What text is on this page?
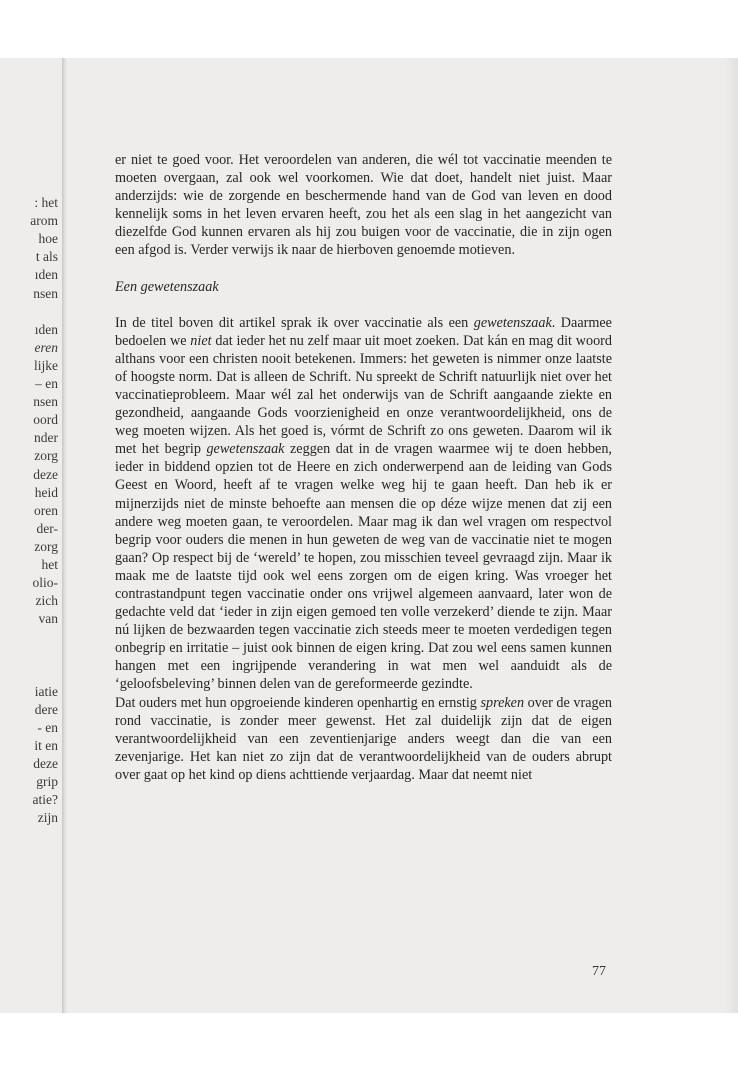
: het
arom
hoe
t als
ıden
nsen
ıden
eren
lijke
– en
nsen
oord
nder
zorg
deze
heid
oren
der-
zorg
het
olio-
zich
van
iatie
dere
- en
it en
deze
grip
atie?
zijn

er niet te goed voor. Het veroordelen van anderen, die wél tot vaccinatie meenden te moeten overgaan, zal ook wel voorkomen. Wie dat doet, handelt niet juist. Maar anderzijds: wie de zorgende en beschermende hand van de God van leven en dood kennelijk soms in het leven ervaren heeft, zou het als een slag in het aangezicht van diezelfde God kunnen ervaren als hij zou buigen voor de vaccinatie, die in zijn ogen een afgod is. Verder verwijs ik naar de hierboven genoemde motieven.

Een gewetenszaak

In de titel boven dit artikel sprak ik over vaccinatie als een gewetenszaak. Daarmee bedoelen we niet dat ieder het nu zelf maar uit moet zoeken. Dat kán en mag dit woord althans voor een christen nooit betekenen. Immers: het geweten is nimmer onze laatste of hoogste norm. Dat is alleen de Schrift. Nu spreekt de Schrift natuurlijk niet over het vaccinatieprobleem. Maar wél zal het onderwijs van de Schrift aangaande ziekte en gezondheid, aangaande Gods voorzienigheid en onze verantwoordelijkheid, ons de weg moeten wijzen. Als het goed is, vórmt de Schrift zo ons geweten. Daarom wil ik met het begrip gewetenszaak zeggen dat in de vragen waarmee wij te doen hebben, ieder in biddend opzien tot de Heere en zich onderwerpend aan de leiding van Gods Geest en Woord, heeft af te vragen welke weg hij te gaan heeft. Dan heb ik er mijnerzijds niet de minste behoefte aan mensen die op déze wijze menen dat zij een andere weg moeten gaan, te veroordelen. Maar mag ik dan wel vragen om respectvol begrip voor ouders die menen in hun geweten de weg van de vaccinatie niet te mogen gaan? Op respect bij de ‘wereld’ te hopen, zou misschien teveel gevraagd zijn. Maar ik maak me de laatste tijd ook wel eens zorgen om de eigen kring. Was vroeger het contrastandpunt tegen vaccinatie onder ons vrijwel algemeen aanvaard, later won de gedachte veld dat ‘ieder in zijn eigen gemoed ten volle verzekerd’ diende te zijn. Maar nú lijken de bezwaarden tegen vaccinatie zich steeds meer te moeten verdedigen tegen onbegrip en irritatie – juist ook binnen de eigen kring. Dat zou wel eens samen kunnen hangen met een ingrijpende verandering in wat men wel aanduidt als de ‘geloofsbeleving’ binnen delen van de gereformeerde gezindte.

Dat ouders met hun opgroeiende kinderen openhartig en ernstig spreken over de vragen rond vaccinatie, is zonder meer gewenst. Het zal duidelijk zijn dat de eigen verantwoordelijkheid van een zeventienjarige anders weegt dan die van een zevenjarige. Het kan niet zo zijn dat de verantwoordelijkheid van de ouders abrupt over gaat op het kind op diens achttiende verjaardag. Maar dat neemt niet

77
